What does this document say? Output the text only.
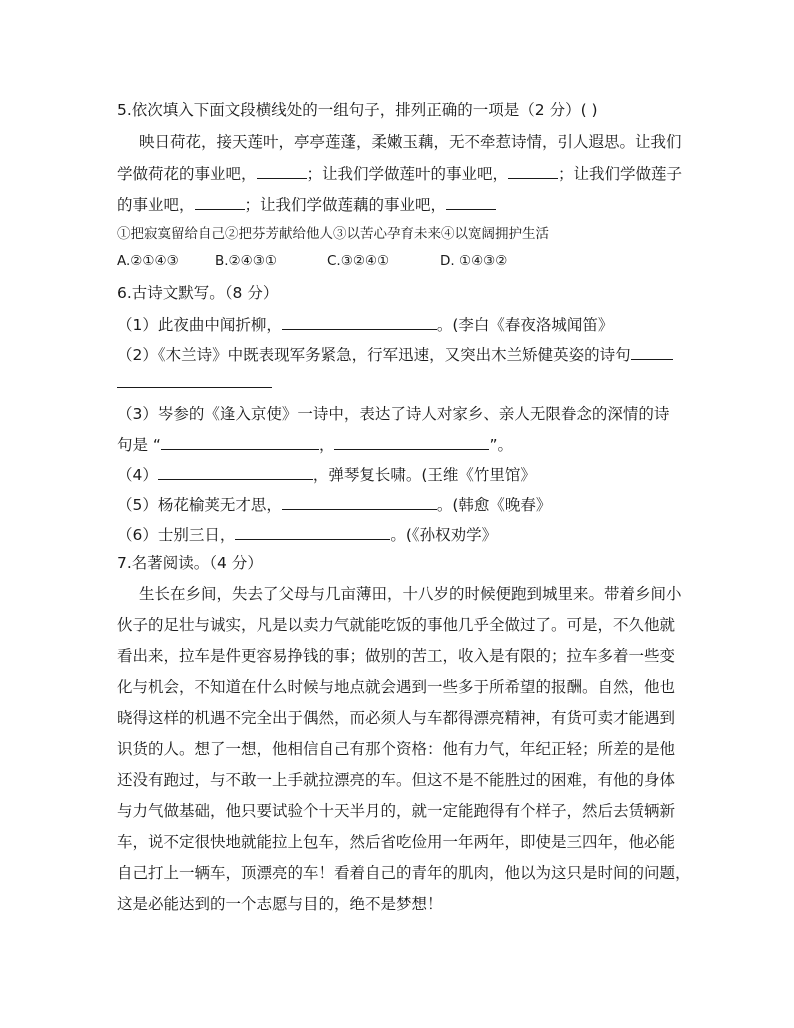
5.依次填入下面文段横线处的一组句子，排列正确的一项是（2 分）( )
映日荷花，接天莲叶，亭亭莲蓬，柔嫩玉藕，无不牵惹诗情，引人遐思。让我们
学做荷花的事业吧，	；让我们学做莲叶的事业吧，	；让我们学做莲子
的事业吧，	；让我们学做莲藕的事业吧，
①把寂寞留给自己②把芬芳献给他人③以苦心孕育未来④以宽阔拥护生活
A.②①④③	B.②④③①	C.③②④①	D. ①④③②
6.古诗文默写。（8 分）
（1）此夜曲中闻折柳，	。(李白《春夜洛城闻笛》
（2）《木兰诗》中既表现军务紧急，行军迅速，又突出木兰矫健英姿的诗句
（3）岑参的《逢入京使》一诗中，表达了诗人对家乡、亲人无限眷念的深情的诗
句是 “	，	”。
（4）	，弹琴复长啸。(王维《竹里馆》
（5）杨花榆荚无才思，	。(韩愈《晚春》
（6）士别三日，	。(《孙权劝学》
7.名著阅读。（4 分）
生长在乡间，失去了父母与几亩薄田，十八岁的时候便跑到城里来。带着乡间小
伙子的足壮与诚实，凡是以卖力气就能吃饭的事他几乎全做过了。可是，不久他就
看出来，拉车是件更容易挣钱的事；做别的苦工，收入是有限的；拉车多着一些变
化与机会，不知道在什么时候与地点就会遇到一些多于所希望的报酬。自然，他也
晓得这样的机遇不完全出于偶然，而必须人与车都得漂亮精神，有货可卖才能遇到
识货的人。想了一想，他相信自己有那个资格：他有力气，年纪正轻；所差的是他
还没有跑过，与不敢一上手就拉漂亮的车。但这不是不能胜过的困难，有他的身体
与力气做基础，他只要试验个十天半月的，就一定能跑得有个样子，然后去赁辆新
车，说不定很快地就能拉上包车，然后省吃俭用一年两年，即使是三四年，他必能
自己打上一辆车，顶漂亮的车！看着自己的青年的肌肉，他以为这只是时间的问题，
这是必能达到的一个志愿与目的，绝不是梦想！
